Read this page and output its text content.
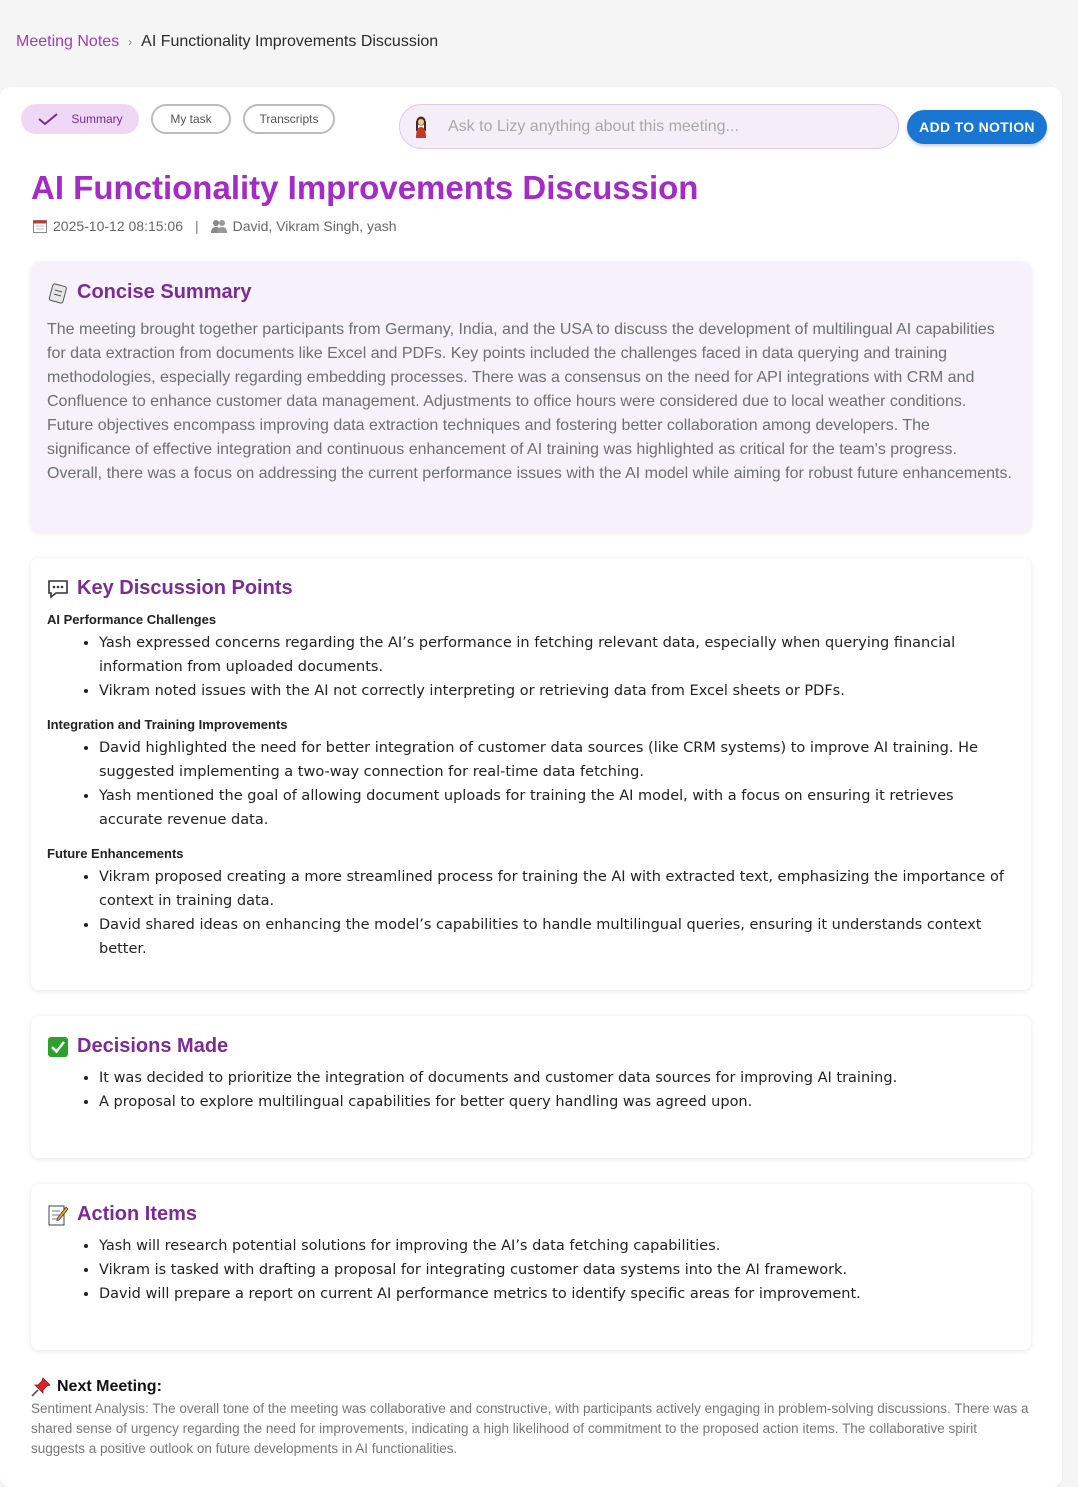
Meeting Notes › AI Functionality Improvements Discussion
Summary	My task	Transcripts
Ask to Lizy anything about this meeting...	ADD TO NOTION
AI Functionality Improvements Discussion
2025-10-12 08:15:06 | David, Vikram Singh, yash
Concise Summary

The meeting brought together participants from Germany, India, and the USA to discuss the development of multilingual AI capabilities for data extraction from documents like Excel and PDFs. Key points included the challenges faced in data querying and training methodologies, especially regarding embedding processes. There was a consensus on the need for API integrations with CRM and Confluence to enhance customer data management. Adjustments to office hours were considered due to local weather conditions. Future objectives encompass improving data extraction techniques and fostering better collaboration among developers. The significance of effective integration and continuous enhancement of AI training was highlighted as critical for the team's progress. Overall, there was a focus on addressing the current performance issues with the AI model while aiming for robust future enhancements.

Key Discussion Points

AI Performance Challenges

• Yash expressed concerns regarding the AI’s performance in fetching relevant data, especially when querying financial information from uploaded documents.
• Vikram noted issues with the AI not correctly interpreting or retrieving data from Excel sheets or PDFs.

Integration and Training Improvements

• David highlighted the need for better integration of customer data sources (like CRM systems) to improve AI training. He suggested implementing a two-way connection for real-time data fetching.
• Yash mentioned the goal of allowing document uploads for training the AI model, with a focus on ensuring it retrieves accurate revenue data.

Future Enhancements

• Vikram proposed creating a more streamlined process for training the AI with extracted text, emphasizing the importance of context in training data.
• David shared ideas on enhancing the model’s capabilities to handle multilingual queries, ensuring it understands context better.
Decisions Made
• It was decided to prioritize the integration of documents and customer data sources for improving AI training.
• A proposal to explore multilingual capabilities for better query handling was agreed upon.
Action Items
• Yash will research potential solutions for improving the AI’s data fetching capabilities.
• Vikram is tasked with drafting a proposal for integrating customer data systems into the AI framework.
• David will prepare a report on current AI performance metrics to identify specific areas for improvement.
Next Meeting:

Sentiment Analysis: The overall tone of the meeting was collaborative and constructive, with participants actively engaging in problem-solving discussions. There was a shared sense of urgency regarding the need for improvements, indicating a high likelihood of commitment to the proposed action items. The collaborative spirit suggests a positive outlook on future developments in AI functionalities.
